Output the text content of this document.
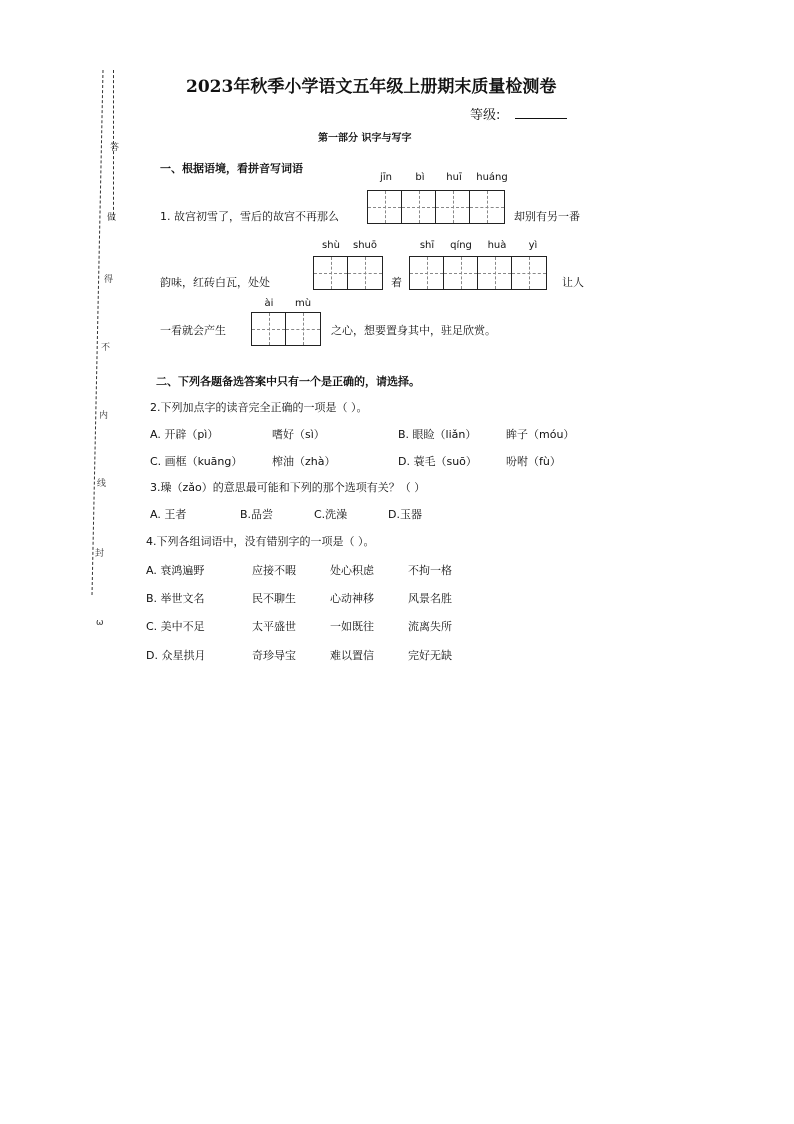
答
做
得
不
内
线
封
ω
2023年秋季小学语文五年级上册期末质量检测卷
等级:
第一部分 识字与写字
一、根据语境，看拼音写词语
jīn	bì	huī	huáng
1. 故宫初雪了，雪后的故宫不再那么	却别有另一番
shù	shuō	shī	qíng	huà	yì
韵味，红砖白瓦，处处	着	让人
ài	mù
一看就会产生	之心，想要置身其中，驻足欣赏。
二、下列各题备选答案中只有一个是正确的，请选择。
2.下列加点字的读音完全正确的一项是（ ）。
A. 开辟（pì）	嗜好（sì）	B. 眼睑（liǎn）	眸子（móu）
C. 画框（kuāng）	榨油（zhà）	D. 蓑毛（suō）	吩咐（fù）
3.璪（zǎo）的意思最可能和下列的那个选项有关？（ ）
A. 王者	B.品尝	C.洗澡	D.玉器
4.下列各组词语中，没有错别字的一项是（ ）。
A. 衰鸿遍野	应接不暇	处心积虑	不拘一格
B. 举世文名	民不聊生	心动神移	风景名胜
C. 美中不足	太平盛世	一如既往	流离失所
D. 众星拱月	奇珍导宝	难以置信	完好无缺
